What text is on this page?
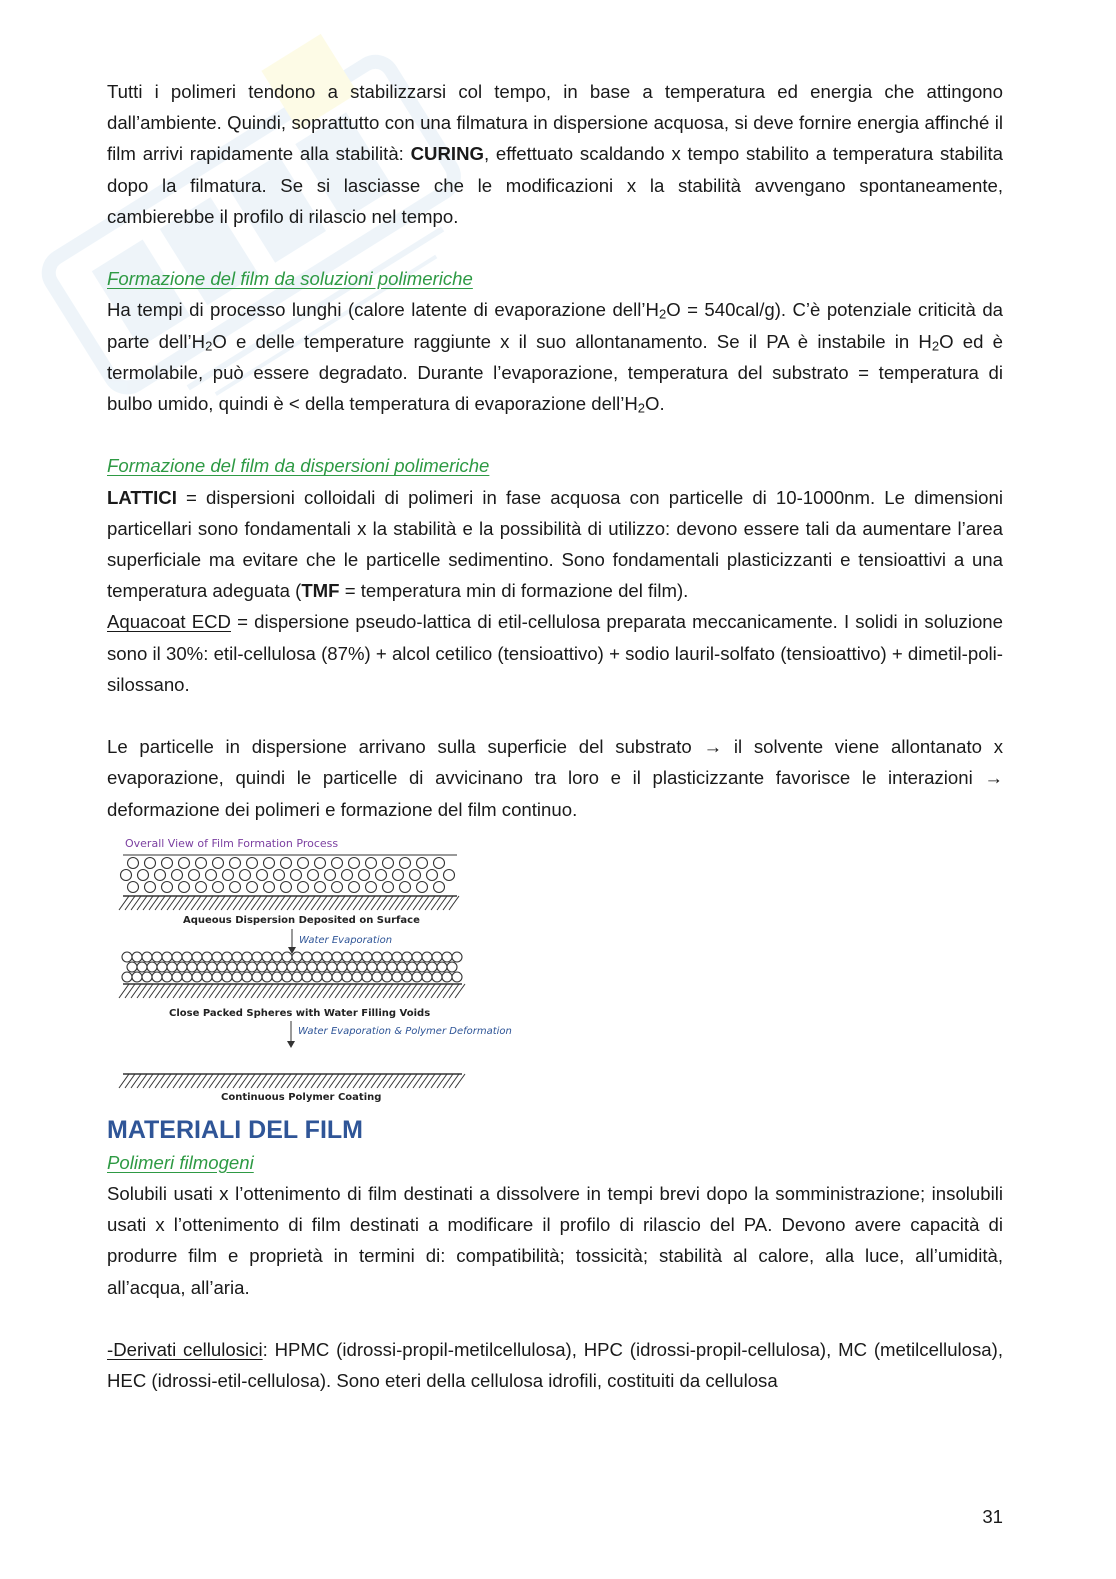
Tutti i polimeri tendono a stabilizzarsi col tempo, in base a temperatura ed energia che attingono dall’ambiente. Quindi, soprattutto con una filmatura in dispersione acquosa, si deve fornire energia affinché il film arrivi rapidamente alla stabilità: CURING, effettuato scaldando x tempo stabilito a temperatura stabilita dopo la filmatura. Se si lasciasse che le modificazioni x la stabilità avvengano spontaneamente, cambierebbe il profilo di rilascio nel tempo.

Formazione del film da soluzioni polimeriche

Ha tempi di processo lunghi (calore latente di evaporazione $dell’H_2O = 540cal/g$). C’è potenziale criticità da parte $dell’H_2O$ e delle temperature raggiunte x il suo allontanamento. Se il PA è instabile in $H_2O$ ed è termolabile, può essere degradato. Durante l’evaporazione, temperatura del substrato = temperatura di bulbo umido, quindi è < della temperatura di evaporazione $dell’H_2O$.

Formazione del film da dispersioni polimeriche

LATTICI = dispersioni colloidali di polimeri in fase acquosa con particelle di 10-1000nm. Le dimensioni particellari sono fondamentali x la stabilità e la possibilità di utilizzo: devono essere tali da aumentare l’area superficiale ma evitare che le particelle sedimentino. Sono fondamentali plasticizzanti e tensioattivi a una temperatura adeguata (TMF = temperatura min di formazione del film).

Aquacoat ECD = dispersione pseudo-lattica di etil-cellulosa preparata meccanicamente. I solidi in soluzione sono il 30%: etil-cellulosa (87%) + alcol cetilico (tensioattivo) + sodio lauril-solfato (tensioattivo) + dimetil-poli-silossano.

Le particelle in dispersione arrivano sulla superficie del substrato → il solvente viene allontanato x evaporazione, quindi le particelle di avvicinano tra loro e il plasticizzante favorisce le interazioni → deformazione dei polimeri e formazione del film continuo.

Overall View of Film Formation Process
Aqueous Dispersion Deposited on Surface
Water Evaporation
Close Packed Spheres with Water Filling Voids
Water Evaporation & Polymer Deformation
Continuous Polymer Coating
MATERIALI DEL FILM

Polimeri filmogeni

Solubili usati x l’ottenimento di film destinati a dissolvere in tempi brevi dopo la somministrazione; insolubili usati x l’ottenimento di film destinati a modificare il profilo di rilascio del PA. Devono avere capacità di produrre film e proprietà in termini di: compatibilità; tossicità; stabilità al calore, alla luce, all’umidità, all’acqua, all’aria.

-Derivati cellulosici: HPMC (idrossi-propil-metilcellulosa), HPC (idrossi-propil-cellulosa), MC (metilcellulosa), HEC (idrossi-etil-cellulosa). Sono eteri della cellulosa idrofili, costituiti da cellulosa

31
